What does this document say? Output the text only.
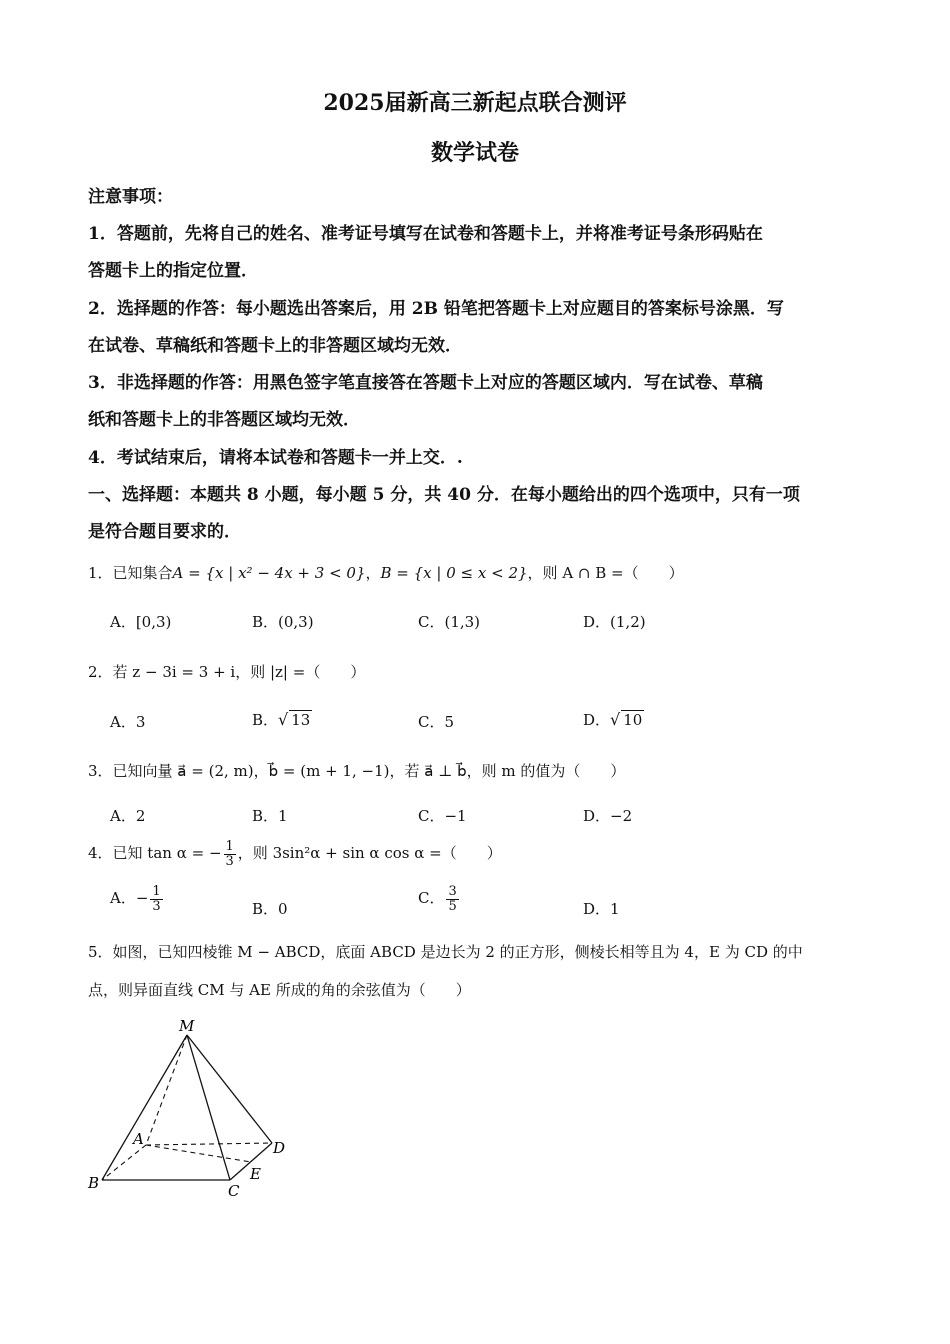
2025届新高三新起点联合测评
数学试卷
注意事项：
1．答题前，先将自己的姓名、准考证号填写在试卷和答题卡上，并将准考证号条形码贴在
答题卡上的指定位置．
2．选择题的作答：每小题选出答案后，用 2B 铅笔把答题卡上对应题目的答案标号涂黑．写
在试卷、草稿纸和答题卡上的非答题区域均无效．
3．非选择题的作答：用黑色签字笔直接答在答题卡上对应的答题区域内．写在试卷、草稿
纸和答题卡上的非答题区域均无效．
4．考试结束后，请将本试卷和答题卡一并上交．.
一、选择题：本题共 8 小题，每小题 5 分，共 40 分．在每小题给出的四个选项中，只有一项
是符合题目要求的．
1．已知集合A = {x | x² − 4x + 3 < 0}，B = {x | 0 ≤ x < 2}，则 A ∩ B =（　　）
A．[0,3)	B．(0,3)	C．(1,3)	D．(1,2)
2．若 z − 3i = 3 + i，则 |z| =（　　）
A．3	B．√ 13	C．5	D．√ 10
3．已知向量 a⃗ = (2, m)，b⃗ = (m + 1, −1)，若 a⃗ ⊥ b⃗，则 m 的值为（　　）
A．2	B．1	C．−1	D．−2
4．已知 tan α = − $\frac{1}{3}$ ，则 3sin²α + sin α cos α =（　　）
A．− $\frac{1}{3}$	B．0
C． $\frac{3}{5}$	D．1
5．如图，已知四棱锥 M − ABCD，底面 ABCD 是边长为 2 的正方形，侧棱长相等且为 4，E 为 CD 的中
点，则异面直线 CM 与 AE 所成的角的余弦值为（　　）
M
A
B	C
D
E
